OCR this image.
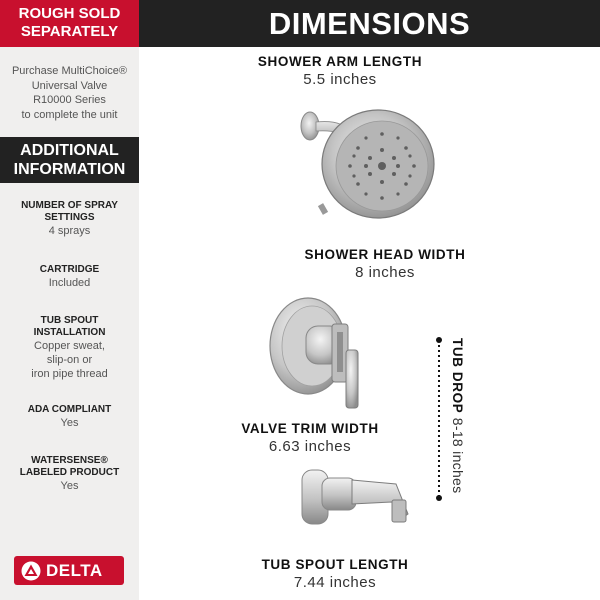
ROUGH SOLD
SEPARATELY
Purchase MultiChoice®
Universal Valve
R10000 Series
to complete the unit
ADDITIONAL
INFORMATION
NUMBER OF SPRAY
SETTINGS
4 sprays
CARTRIDGE
Included
TUB SPOUT
INSTALLATION
Copper sweat,
slip-on or
iron pipe thread
ADA COMPLIANT
Yes
WATERSENSE®
LABELED PRODUCT
Yes
DELTA
DIMENSIONS
SHOWER ARM LENGTH
5.5 inches
SHOWER HEAD WIDTH
8 inches
VALVE TRIM WIDTH
6.63 inches
TUB DROP 8-18 inches
TUB SPOUT LENGTH
7.44 inches
